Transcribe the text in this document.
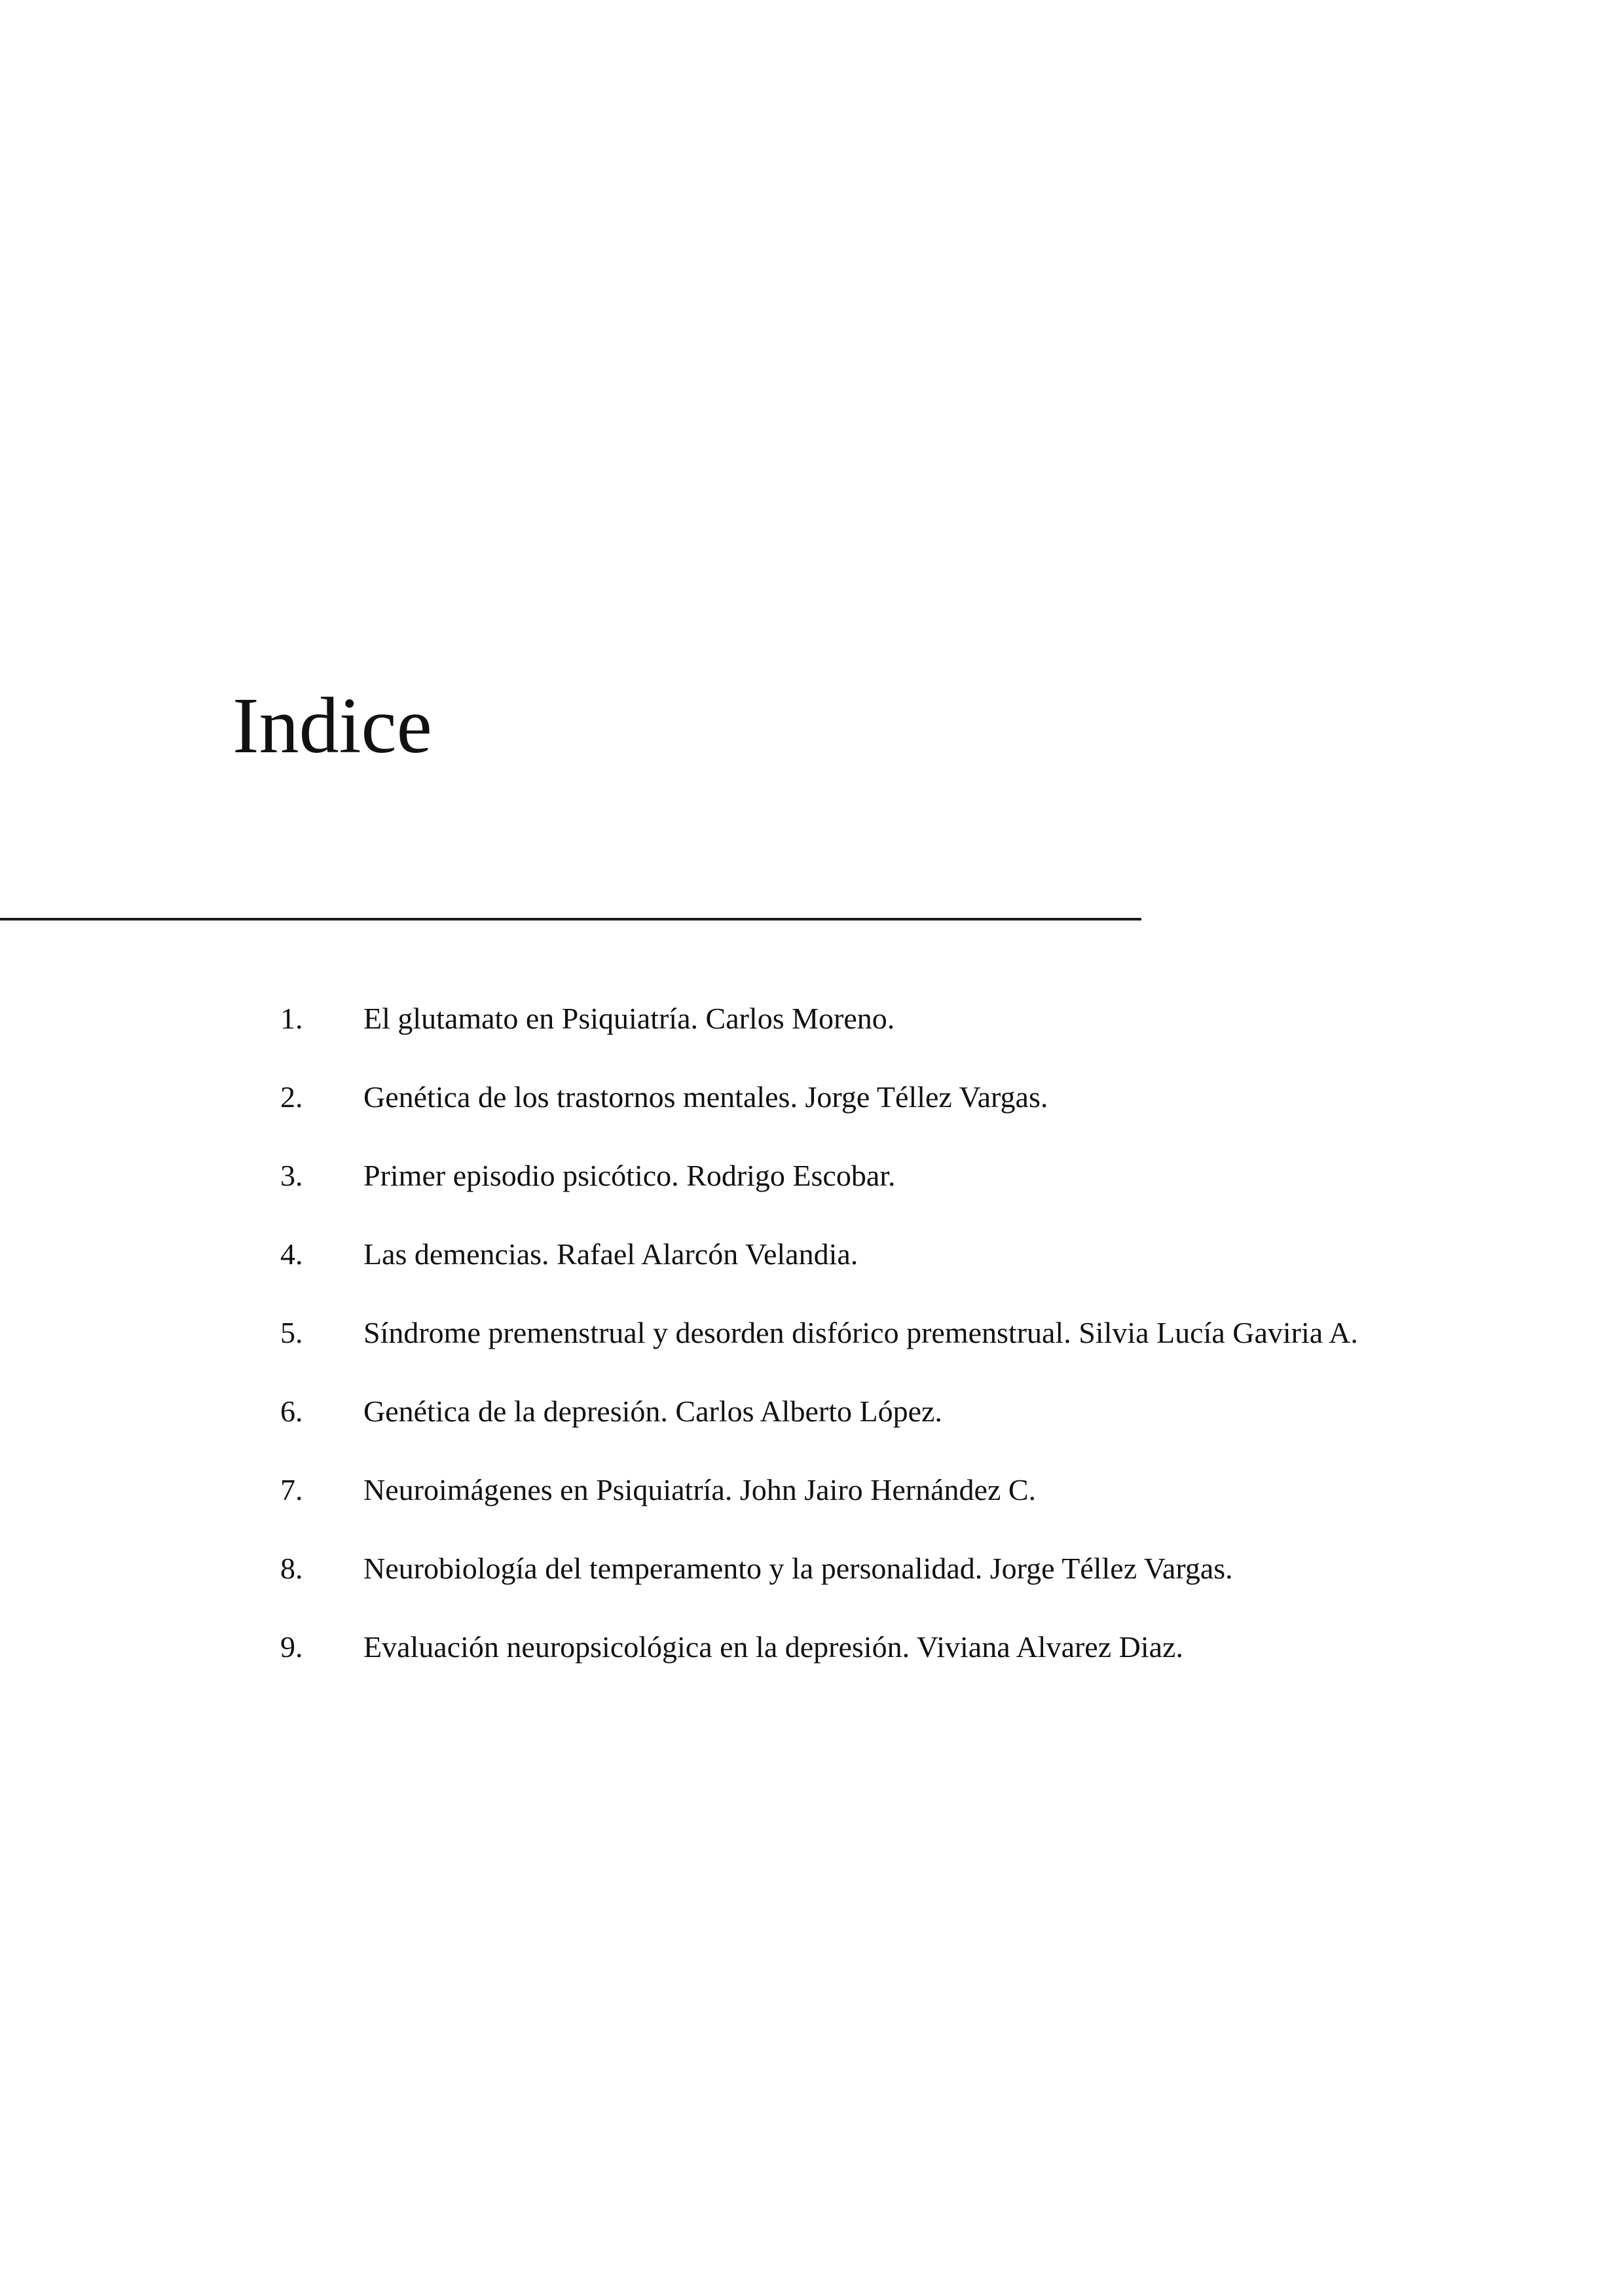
Indice
1. El glutamato en Psiquiatría. Carlos Moreno.
2. Genética de los trastornos mentales. Jorge Téllez Vargas.
3. Primer episodio psicótico. Rodrigo Escobar.
4. Las demencias. Rafael Alarcón Velandia.
5. Síndrome premenstrual y desorden disfórico premenstrual. Silvia Lucía Gaviria A.
6. Genética de la depresión. Carlos Alberto López.
7. Neuroimágenes en Psiquiatría. John Jairo Hernández C.
8. Neurobiología del temperamento y la personalidad. Jorge Téllez Vargas.
9. Evaluación neuropsicológica en la depresión. Viviana Alvarez Diaz.
